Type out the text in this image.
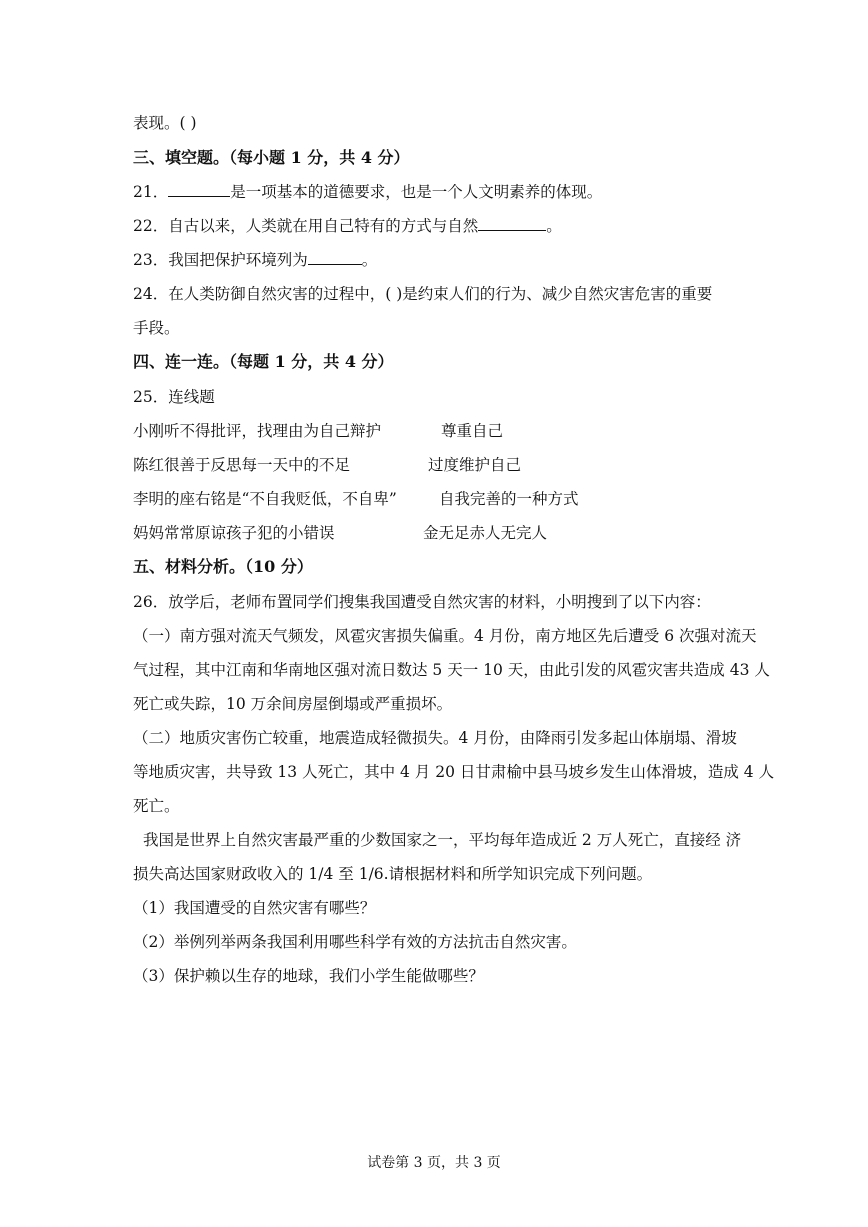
表现。( )
三、填空题。（每小题 1 分，共 4 分）
21．	是一项基本的道德要求，也是一个人文明素养的体现。
22．自古以来，人类就在用自己特有的方式与自然	。
23．我国把保护环境列为	。
24．在人类防御自然灾害的过程中，( )是约束人们的行为、减少自然灾害危害的重要
手段。
四、连一连。（每题 1 分，共 4 分）
25．连线题
小刚听不得批评，找理由为自己辩护	尊重自己
陈红很善于反思每一天中的不足	过度维护自己
李明的座右铭是“不自我贬低，不自卑”	自我完善的一种方式
妈妈常常原谅孩子犯的小错误	金无足赤人无完人
五、材料分析。（10 分）
26．放学后，老师布置同学们搜集我国遭受自然灾害的材料，小明搜到了以下内容：
（一）南方强对流天气频发，风雹灾害损失偏重。4 月份，南方地区先后遭受 6 次强对流天
气过程，其中江南和华南地区强对流日数达 5 天一 10 天，由此引发的风雹灾害共造成 43 人
死亡或失踪，10 万余间房屋倒塌或严重损坏。
（二）地质灾害伤亡较重，地震造成轻微损失。4 月份，由降雨引发多起山体崩塌、滑坡
等地质灾害，共导致 13 人死亡，其中 4 月 20 日甘肃榆中县马坡乡发生山体滑坡，造成 4 人
死亡。
我国是世界上自然灾害最严重的少数国家之一，平均每年造成近 2 万人死亡，直接经 济
损失高达国家财政收入的 1/4 至 1/6.请根据材料和所学知识完成下列问题。
（1）我国遭受的自然灾害有哪些？
（2）举例列举两条我国利用哪些科学有效的方法抗击自然灾害。
（3）保护赖以生存的地球，我们小学生能做哪些？
试卷第 3 页，共 3 页
